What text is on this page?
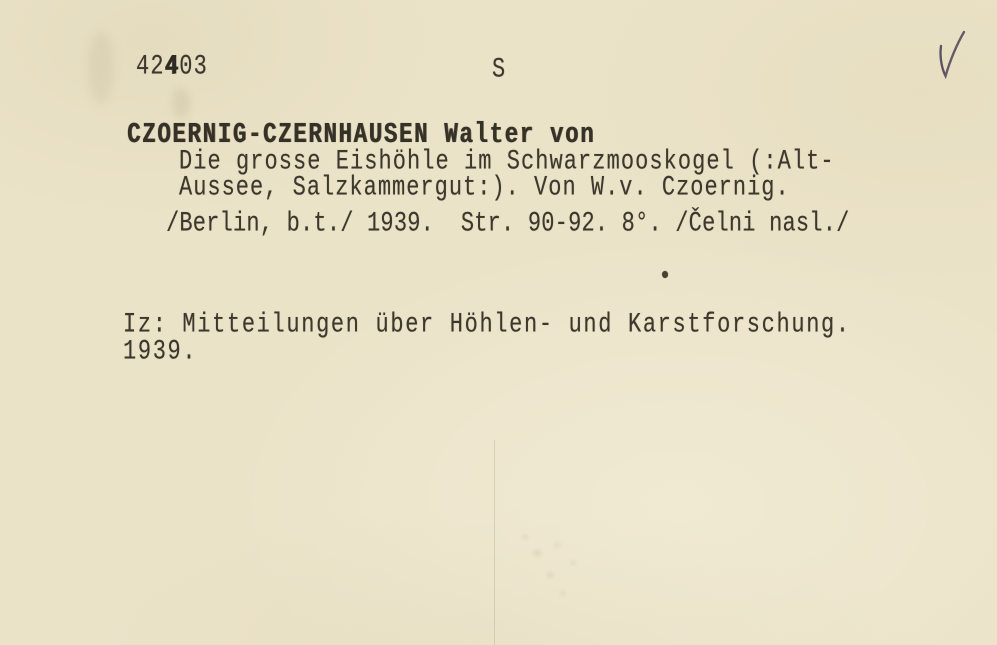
42403	S
CZOERNIG-CZERNHAUSEN Walter von
Die grosse Eishöhle im Schwarzmooskogel (:Alt-
Aussee, Salzkammergut:). Von W.v. Czoernig.
/Berlin, b.t./ 1939.  Str. 90-92. 8°. /Čelni nasl./
Iz: Mitteilungen über Höhlen- und Karstforschung.
1939.
